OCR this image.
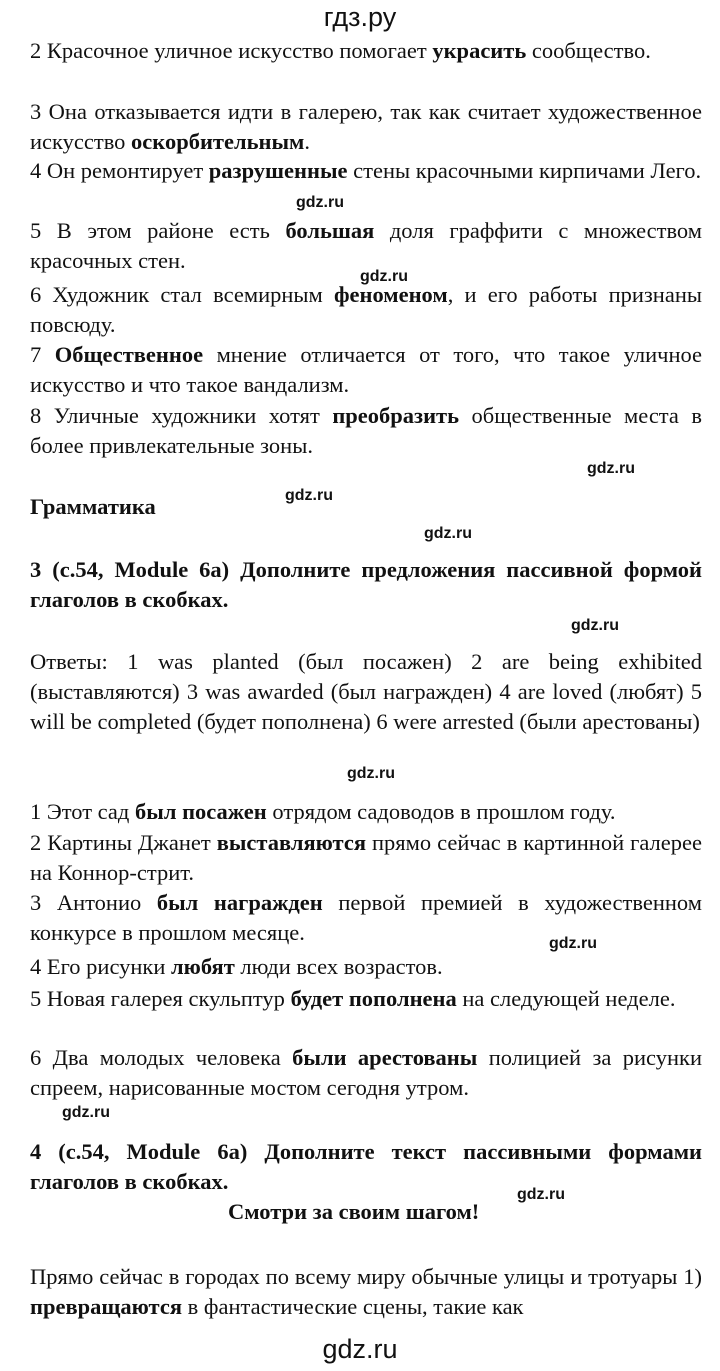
гдз.ру

2 Красочное уличное искусство помогает украсить сообщество.

3 Она отказывается идти в галерею, так как считает художественное искусство оскорбительным.

4 Он ремонтирует разрушенные стены красочными кирпичами Лего.

5 В этом районе есть большая доля граффити с множеством красочных стен.

6 Художник стал всемирным феноменом, и его работы признаны повсюду.

7 Общественное мнение отличается от того, что такое уличное искусство и что такое вандализм.

8 Уличные художники хотят преобразить общественные места в более привлекательные зоны.

Грамматика

3 (с.54, Module 6а) Дополните предложения пассивной формой глаголов в скобках.

Ответы: 1 was planted (был посажен) 2 are being exhibited (выставляются) 3 was awarded (был награжден) 4 are loved (любят) 5 will be completed (будет пополнена) 6 were arrested (были арестованы)

1 Этот сад был посажен отрядом садоводов в прошлом году.

2 Картины Джанет выставляются прямо сейчас в картинной галерее на Коннор-стрит.

3 Антонио был награжден первой премией в художественном конкурсе в прошлом месяце.

4 Его рисунки любят люди всех возрастов.

5 Новая галерея скульптур будет пополнена на следующей неделе.

6 Два молодых человека были арестованы полицией за рисунки спреем, нарисованные мостом сегодня утром.

4 (с.54, Module 6а) Дополните текст пассивными формами глаголов в скобках.

Смотри за своим шагом!

Прямо сейчас в городах по всему миру обычные улицы и тротуары 1) превращаются в фантастические сцены, такие как

gdz.ru
gdz.ru
gdz.ru
gdz.ru
gdz.ru
gdz.ru
gdz.ru
gdz.ru
gdz.ru
gdz.ru
gdz.ru
